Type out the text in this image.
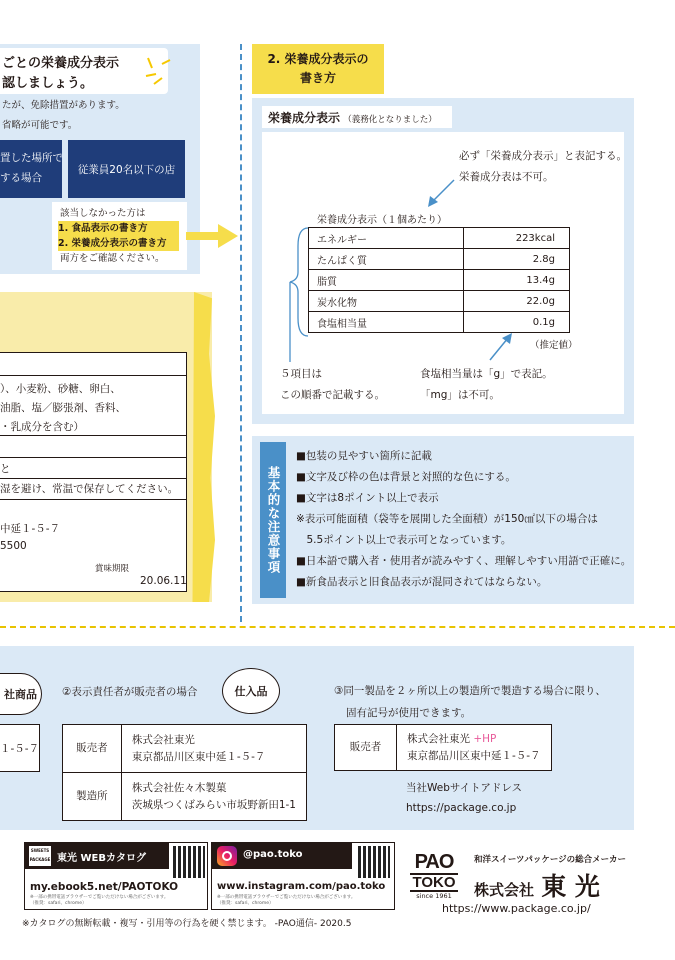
ごとの栄養成分表示
認しましょう。
たが、免除措置があります。
省略が可能です。
置した場所で
する場合
従業員20名以下の店
該当しなかった方は
1. 食品表示の書き方
2. 栄養成分表示の書き方
両方をご確認ください。
）、小麦粉、砂糖、卵白、
油脂、塩／膨張剤、香料、
・乳成分を含む）
と
湿を避け、常温で保存してください。
中延１-５-７
5500
賞味期限
20.06.11
2. 栄養成分表示の
書き方
栄養成分表示 （義務化となりました）
必ず「栄養成分表示」と表記する。
栄養成分表は不可。
栄養成分表示（１個あたり）
エネルギー	223kcal
たんぱく質	2.8g
脂質	13.4g
炭水化物	22.0g
食塩相当量	0.1g
（推定値）
５項目は
この順番で記載する。
食塩相当量は「g」で表記。
「mg」は不可。
基本的な注意事項

■包装の見やすい箇所に記載

■文字及び枠の色は背景と対照的な色にする。

■文字は8ポイント以上で表示

※表示可能面積（袋等を展開した全面積）が150㎠以下の場合は

　5.5ポイント以上で表示可となっています。

■日本語で購入者・使用者が読みやすく、理解しやすい用語で正確に。

■新食品表示と旧食品表示が混同されてはならない。

社商品
１-５-７
②表示責任者が販売者の場合	仕入品
販売者	株式会社東光
東京都品川区東中延１-５-７

製造所	株式会社佐々木製菓
茨城県つくばみらい市坂野新田1-1
③同一製品を２ヶ所以上の製造所で製造する場合に限り、
固有記号が使用できます。
販売者	
株式会社東光 +HP
東京都品川区東中延１-５-７
当社Webサイトアドレス
https://package.co.jp
SWEETS
PACKAGE 東光 WEBカタログ
my.ebook5.net/PAOTOKO
※一部の携帯電話ブラウザーでご覧いただけない場合がございます。
（推奨：safari、chrome）
@pao.toko
www.instagram.com/pao.toko
※一部の携帯電話ブラウザーでご覧いただけない場合がございます。
（推奨：safari、chrome）
PAO
TOKO
since 1961
和洋スイーツパッケージの総合メーカー
株式会社 東 光
https://www.package.co.jp/
※カタログの無断転載・複写・引用等の行為を硬く禁じます。 -PAO通信- 2020.5
